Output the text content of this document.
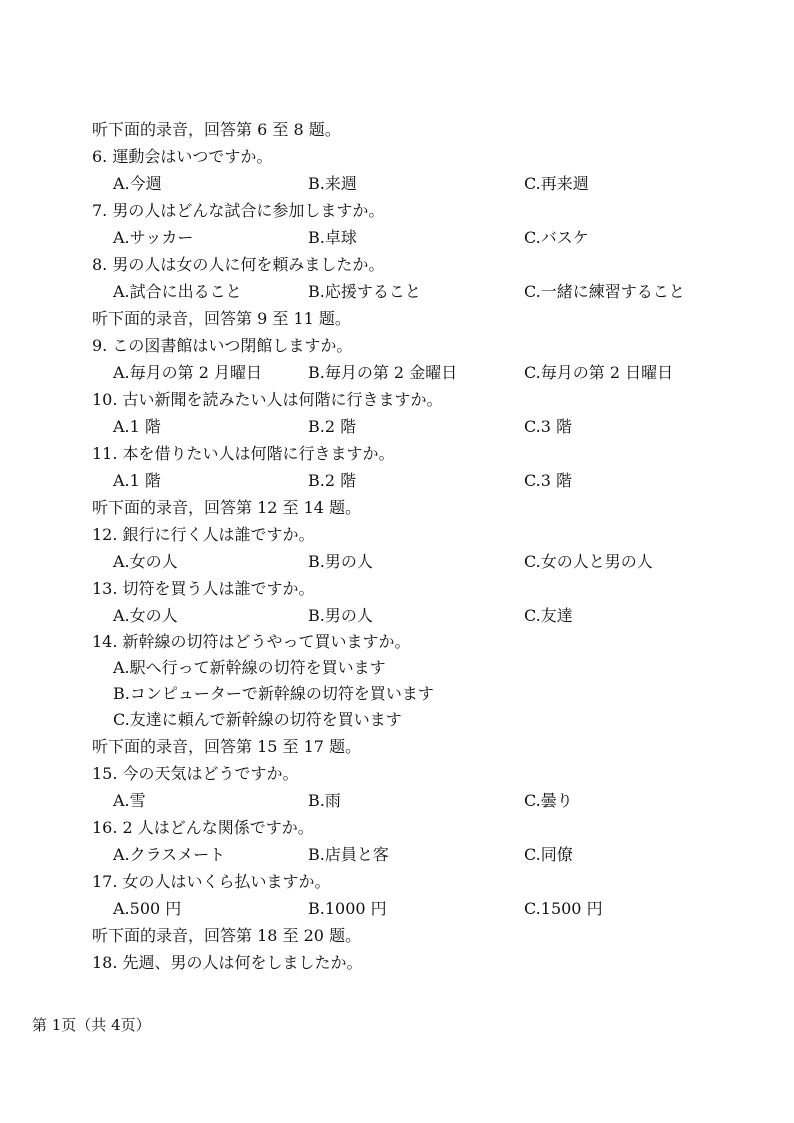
听下面的录音，回答第 6 至 8 题。
6. 運動会はいつですか。
A.今週	B.来週	C.再来週
7. 男の人はどんな試合に参加しますか。
A.サッカー	B.卓球	C.バスケ
8. 男の人は女の人に何を頼みましたか。
A.試合に出ること	B.応援すること	C.一緒に練習すること
听下面的录音，回答第 9 至 11 题。
9. この図書館はいつ閉館しますか。
A.毎月の第 2 月曜日	B.毎月の第 2 金曜日	C.毎月の第 2 日曜日
10. 古い新聞を読みたい人は何階に行きますか。
A.1 階	B.2 階	C.3 階
11. 本を借りたい人は何階に行きますか。
A.1 階	B.2 階	C.3 階
听下面的录音，回答第 12 至 14 题。
12. 銀行に行く人は誰ですか。
A.女の人	B.男の人	C.女の人と男の人
13. 切符を買う人は誰ですか。
A.女の人	B.男の人	C.友達
14. 新幹線の切符はどうやって買いますか。
A.駅へ行って新幹線の切符を買います
B.コンピューターで新幹線の切符を買います
C.友達に頼んで新幹線の切符を買います
听下面的录音，回答第 15 至 17 题。
15. 今の天気はどうですか。
A.雪	B.雨	C.曇り
16. 2 人はどんな関係ですか。
A.クラスメート	B.店員と客	C.同僚
17. 女の人はいくら払いますか。
A.500 円	B.1000 円	C.1500 円
听下面的录音，回答第 18 至 20 题。
18. 先週、男の人は何をしましたか。
第 1页（共 4页）
